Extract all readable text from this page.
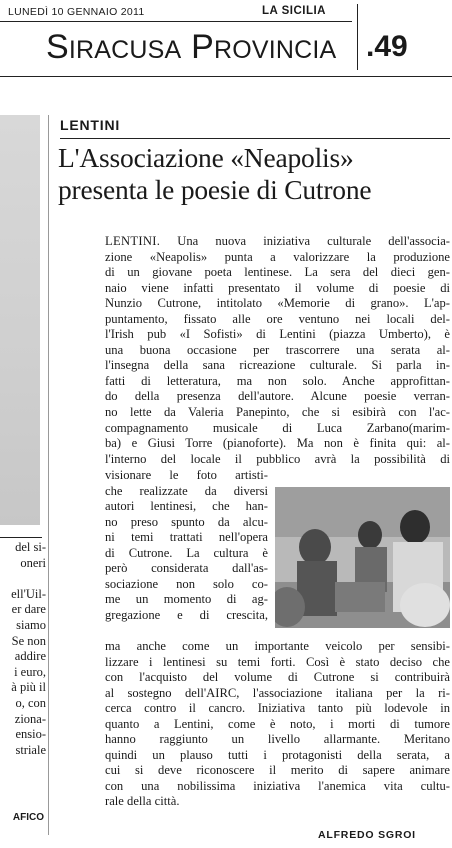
LUNEDÌ 10 GENNAIO 2011	LA SICILIA
SIRACUSA PROVINCIA .49
del si-
oneri
ell'Uil-
er dare
siamo
Se non
addire
i euro,
à più il
o, con
ziona-
ensio-
striale
AFICO
LENTINI
L'Associazione «Neapolis»
presenta le poesie di Cutrone
LENTINI. Una nuova iniziativa culturale dell'associa-
zione «Neapolis» punta a valorizzare la produzione
di un giovane poeta lentinese. La sera del dieci gen-
naio viene infatti presentato il volume di poesie di
Nunzio Cutrone, intitolato «Memorie di grano». L'ap-
puntamento, fissato alle ore ventuno nei locali del-
l'Irish pub «I Sofisti» di Lentini (piazza Umberto), è
una buona occasione per trascorrere una serata al-
l'insegna della sana ricreazione culturale. Si parla in-
fatti di letteratura, ma non solo. Anche approfittan-
do della presenza dell'autore. Alcune poesie verran-
no lette da Valeria Panepinto, che si esibirà con l'ac-
compagnamento musicale di Luca Zarbano(marim-
ba) e Giusi Torre (pianoforte). Ma non è finita qui: al-
l'interno del locale il pubblico avrà la possibilità di
visionare le foto artisti-
che realizzate da diversi
autori lentinesi, che han-
no preso spunto da alcu-
ni temi trattati nell'opera
di Cutrone. La cultura è
però considerata dall'as-
sociazione non solo co-
me un momento di ag-
gregazione e di crescita,
ma anche come un importante veicolo per sensibi-
lizzare i lentinesi su temi forti. Così è stato deciso che
con l'acquisto del volume di Cutrone si contribuirà
al sostegno dell'AIRC, l'associazione italiana per la ri-
cerca contro il cancro. Iniziativa tanto più lodevole in
quanto a Lentini, come è noto, i morti di tumore
hanno raggiunto un livello allarmante. Meritano
quindi un plauso tutti i protagonisti della serata, a
cui si deve riconoscere il merito di sapere animare
con una nobilissima iniziativa l'anemica vita cultu-
rale della città.
ALFREDO SGROI
